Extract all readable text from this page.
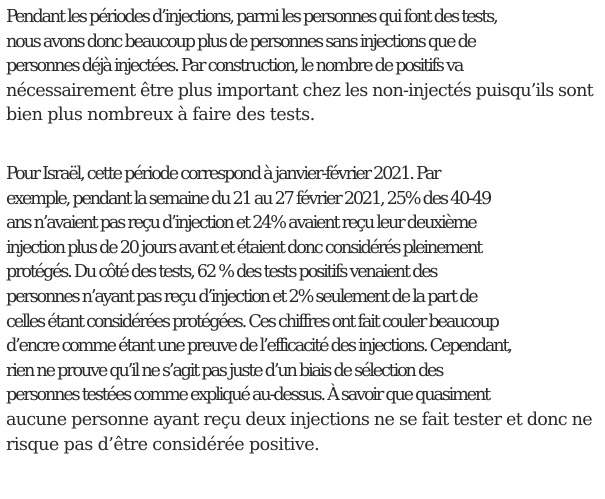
Pendant les périodes d’injections, parmi les personnes qui font des tests,
nous avons donc beaucoup plus de personnes sans injections que de
personnes déjà injectées. Par construction, le nombre de positifs va
nécessairement être plus important chez les non-injectés puisqu’ils sont
bien plus nombreux à faire des tests.

Pour Israël, cette période correspond à janvier-février 2021. Par
exemple, pendant la semaine du 21 au 27 février 2021, 25% des 40-49
ans n’avaient pas reçu d’injection et 24% avaient reçu leur deuxième
injection plus de 20 jours avant et étaient donc considérés pleinement
protégés. Du côté des tests, 62 % des tests positifs venaient des
personnes n’ayant pas reçu d’injection et 2% seulement de la part de
celles étant considérées protégées. Ces chiffres ont fait couler beaucoup
d’encre comme étant une preuve de l’efficacité des injections. Cependant,
rien ne prouve qu’il ne s’agit pas juste d’un biais de sélection des
personnes testées comme expliqué au-dessus. À savoir que quasiment
aucune personne ayant reçu deux injections ne se fait tester et donc ne
risque pas d’être considérée positive.
